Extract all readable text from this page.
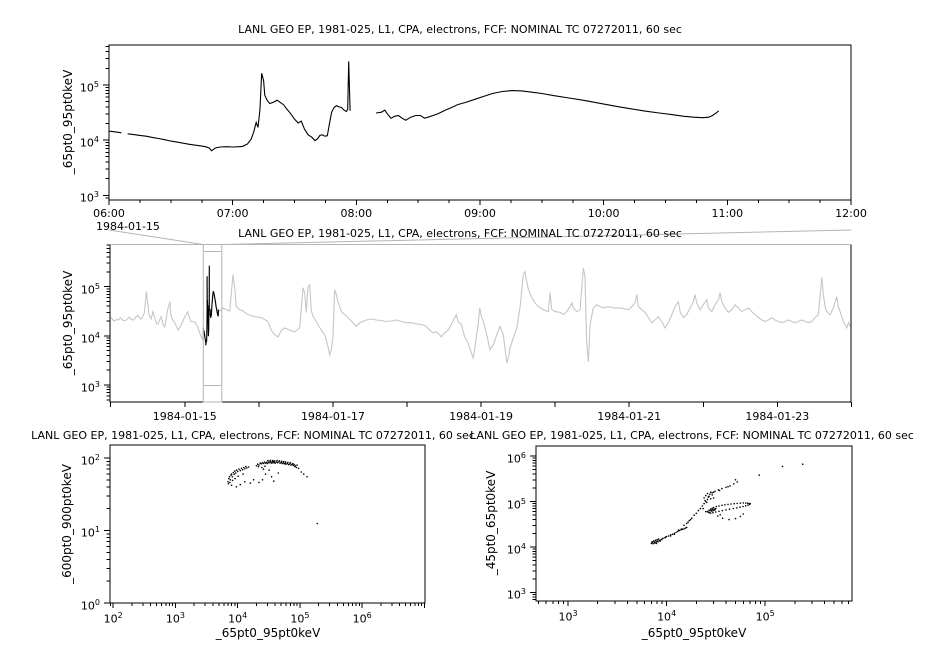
LANL GEO EP, 1981-025, L1, CPA, electrons, FCF: NOMINAL TC 07272011, 60 sec
LANL GEO EP, 1981-025, L1, CPA, electrons, FCF: NOMINAL TC 07272011, 60 sec
LANL GEO EP, 1981-025, L1, CPA, electrons, FCF: NOMINAL TC 07272011, 60 sec
LANL GEO EP, 1981-025, L1, CPA, electrons, FCF: NOMINAL TC 07272011, 60 sec
_65pt0_95pt0keV
_65pt0_95pt0keV
_600pt0_900pt0keV	_45pt0_65pt0keV
_65pt0_95pt0keV	_65pt0_95pt0keV
1984-01-15
$10^3$
$10^4$
$10^5$
06:00	07:00	08:00	09:00	10:00	11:00	12:00
$10^3$
$10^4$
$10^5$
1984-01-15	1984-01-17	1984-01-19	1984-01-21	1984-01-23
$10^0$
$10^1$
$10^2$
$10^2$	$10^3$	$10^4$	$10^5$	$10^6$
$10^3$
$10^4$
$10^5$
$10^6$
$10^3$	$10^4$	$10^5$
